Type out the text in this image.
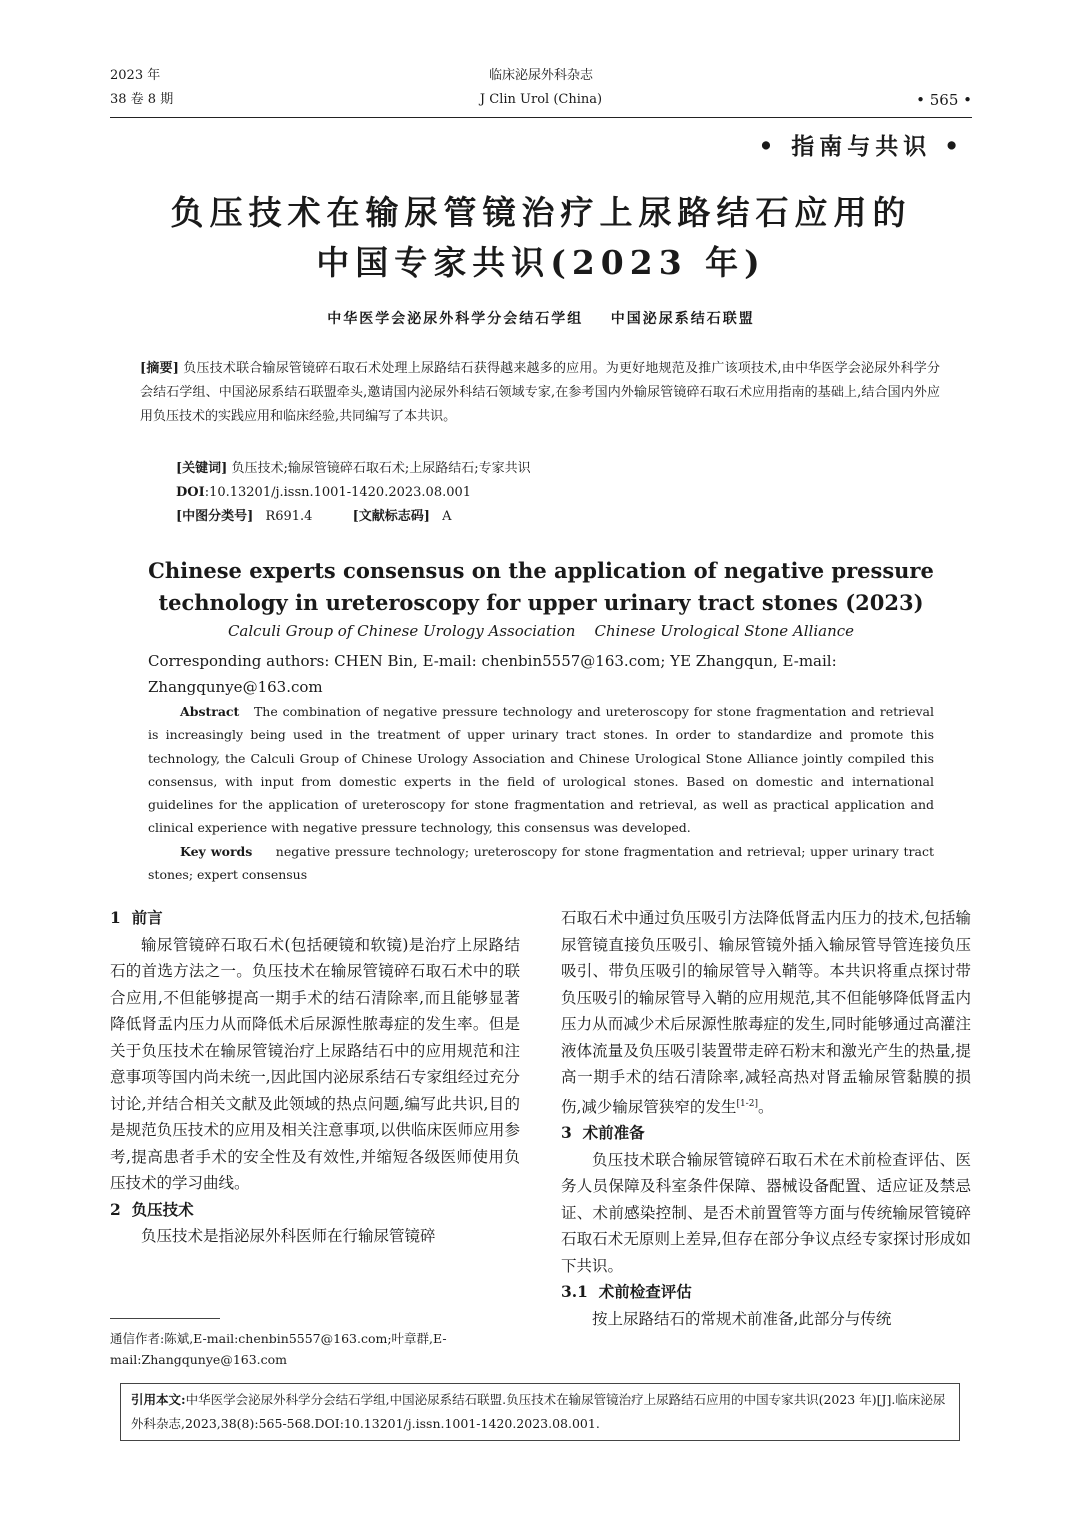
2023 年
38 卷 8 期
临床泌尿外科杂志
J Clin Urol (China)	• 565 •
• 指南与共识 •
负压技术在输尿管镜治疗上尿路结石应用的
中国专家共识(2023 年)
中华医学会泌尿外科学分会结石学组    中国泌尿系结石联盟
[摘要] 负压技术联合输尿管镜碎石取石术处理上尿路结石获得越来越多的应用。为更好地规范及推广该项技术,由中华医学会泌尿外科学分会结石学组、中国泌尿系结石联盟牵头,邀请国内泌尿外科结石领域专家,在参考国内外输尿管镜碎石取石术应用指南的基础上,结合国内外应用负压技术的实践应用和临床经验,共同编写了本共识。
[关键词] 负压技术;输尿管镜碎石取石术;上尿路结石;专家共识
DOI:10.13201/j.issn.1001-1420.2023.08.001
[中图分类号] R691.4	[文献标志码] A
Chinese experts consensus on the application of negative pressure technology in ureteroscopy for upper urinary tract stones (2023)
Calculi Group of Chinese Urology Association    Chinese Urological Stone Alliance
Corresponding authors: CHEN Bin, E-mail: chenbin5557@163.com; YE Zhangqun, E-mail: Zhangqunye@163.com
Abstract The combination of negative pressure technology and ureteroscopy for stone fragmentation and retrieval is increasingly being used in the treatment of upper urinary tract stones. In order to standardize and promote this technology, the Calculi Group of Chinese Urology Association and Chinese Urological Stone Alliance jointly compiled this consensus, with input from domestic experts in the field of urological stones. Based on domestic and international guidelines for the application of ureteroscopy for stone fragmentation and retrieval, as well as practical application and clinical experience with negative pressure technology, this consensus was developed.
Key words negative pressure technology; ureteroscopy for stone fragmentation and retrieval; upper urinary tract stones; expert consensus
1  前言
输尿管镜碎石取石术(包括硬镜和软镜)是治疗上尿路结石的首选方法之一。负压技术在输尿管镜碎石取石术中的联合应用,不但能够提高一期手术的结石清除率,而且能够显著降低肾盂内压力从而降低术后尿源性脓毒症的发生率。但是关于负压技术在输尿管镜治疗上尿路结石中的应用规范和注意事项等国内尚未统一,因此国内泌尿系结石专家组经过充分讨论,并结合相关文献及此领域的热点问题,编写此共识,目的是规范负压技术的应用及相关注意事项,以供临床医师应用参考,提高患者手术的安全性及有效性,并缩短各级医师使用负压技术的学习曲线。
2  负压技术
负压技术是指泌尿外科医师在行输尿管镜碎
石取石术中通过负压吸引方法降低肾盂内压力的技术,包括输尿管镜直接负压吸引、输尿管镜外插入输尿管导管连接负压吸引、带负压吸引的输尿管导入鞘等。本共识将重点探讨带负压吸引的输尿管导入鞘的应用规范,其不但能够降低肾盂内压力从而减少术后尿源性脓毒症的发生,同时能够通过高灌注液体流量及负压吸引装置带走碎石粉末和激光产生的热量,提高一期手术的结石清除率,减轻高热对肾盂输尿管黏膜的损伤,减少输尿管狭窄的发生[1-2]。
3  术前准备
负压技术联合输尿管镜碎石取石术在术前检查评估、医务人员保障及科室条件保障、器械设备配置、适应证及禁忌证、术前感染控制、是否术前置管等方面与传统输尿管镜碎石取石术无原则上差异,但存在部分争议点经专家探讨形成如下共识。
3.1  术前检查评估
按上尿路结石的常规术前准备,此部分与传统
通信作者:陈斌,E-mail:chenbin5557@163.com;叶章群,E-mail:Zhangqunye@163.com
引用本文:中华医学会泌尿外科学分会结石学组,中国泌尿系结石联盟.负压技术在输尿管镜治疗上尿路结石应用的中国专家共识(2023 年)[J].临床泌尿外科杂志,2023,38(8):565-568.DOI:10.13201/j.issn.1001-1420.2023.08.001.
